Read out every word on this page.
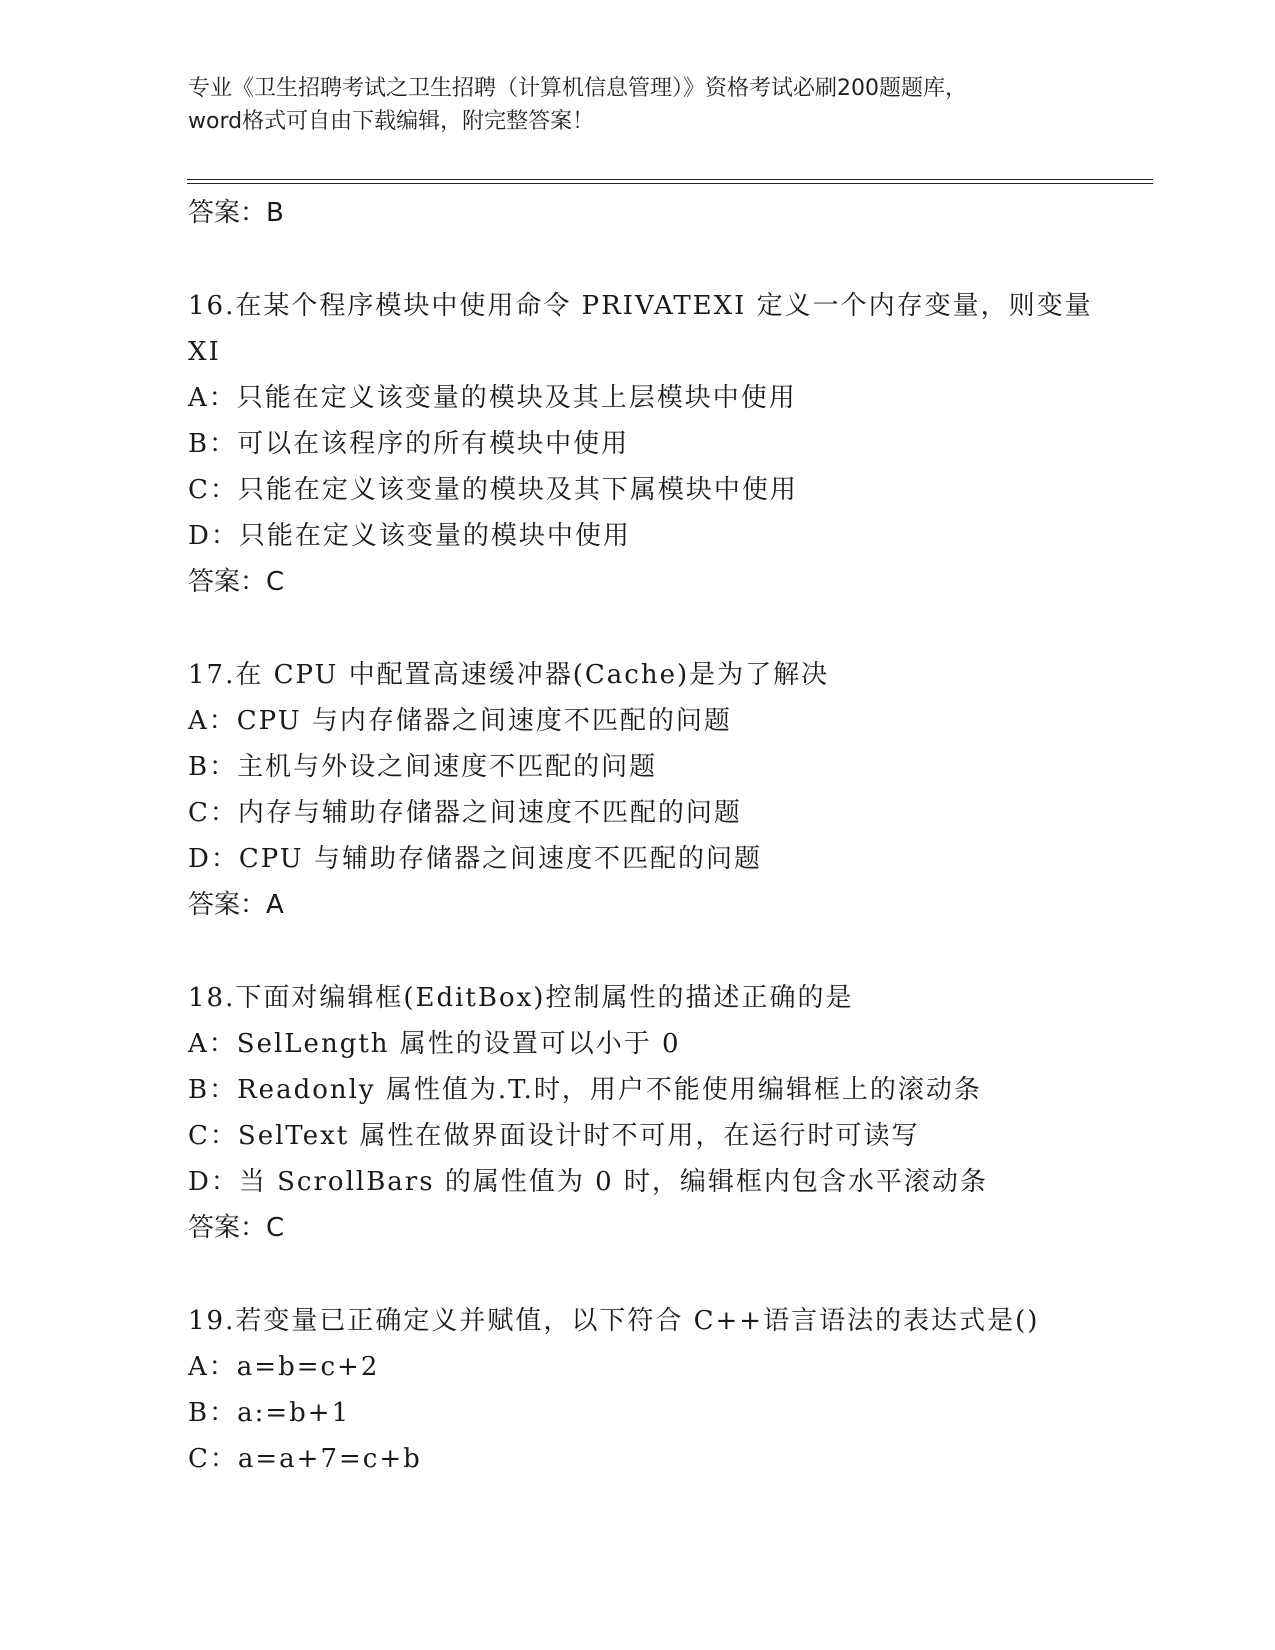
专业《卫生招聘考试之卫生招聘（计算机信息管理）》资格考试必刷200题题库，
word格式可自由下载编辑，附完整答案！
答案：B
16.在某个程序模块中使用命令 PRIVATEXI 定义一个内存变量，则变量
XI
A：只能在定义该变量的模块及其上层模块中使用
B：可以在该程序的所有模块中使用
C：只能在定义该变量的模块及其下属模块中使用
D：只能在定义该变量的模块中使用
答案：C
17.在 CPU 中配置高速缓冲器(Cache)是为了解决
A：CPU 与内存储器之间速度不匹配的问题
B：主机与外设之间速度不匹配的问题
C：内存与辅助存储器之间速度不匹配的问题
D：CPU 与辅助存储器之间速度不匹配的问题
答案：A
18.下面对编辑框(EditBox)控制属性的描述正确的是
A：SelLength 属性的设置可以小于 0
B：Readonly 属性值为.T.时，用户不能使用编辑框上的滚动条
C：SelText 属性在做界面设计时不可用，在运行时可读写
D：当 ScrollBars 的属性值为 0 时，编辑框内包含水平滚动条
答案：C
19.若变量已正确定义并赋值，以下符合 C++语言语法的表达式是()
A：a=b=c+2
B：a:=b+1
C：a=a+7=c+b
